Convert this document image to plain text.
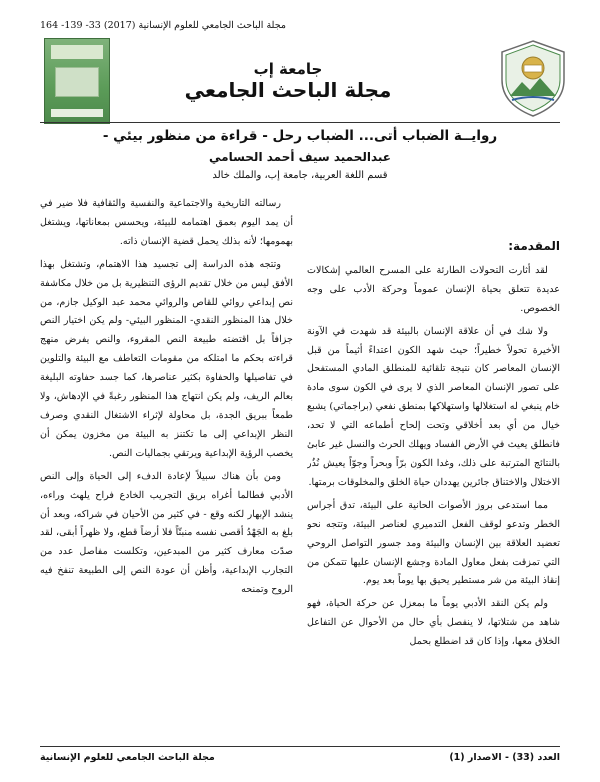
مجلة الباحث الجامعي للعلوم الإنسانية (2017) 33- 139- 164
جامعة إب
مجلة الباحث الجامعي
روايــة الضباب أتى... الضباب رحل - قراءة من منظور بيئي -
عبدالحميد سيف أحمد الحسامي
قسم اللغة العربية، جامعة إب، والملك خالد
المقدمة:

لقد أثارت التحولات الطارئة على المسرح العالمي إشكالات عديدة تتعلق بحياة الإنسان عموماً وحركة الأدب على وجه الخصوص.

ولا شك في أن علاقة الإنسان بالبيئة قد شهدت في الآونة الأخيرة تحولاً خطيراً؛ حيث شهد الكون اعتداءً أثيماً من قبل الإنسان المعاصر كان نتيجة تلقائية للمنطلق المادي المستفحل على تصور الإنسان المعاصر الذي لا يرى في الكون سوى مادة خام ينبغي له استغلالها واستهلاكها بمنطق نفعي (براجماتي) يشبع خيال من أي بعد أخلاقي وتحت إلحاح أطماعه التي لا تحد، فانطلق يعيث في الأرض الفساد ويهلك الحرث والنسل غير عابئ بالنتائج المترتبة على ذلك، وغدا الكون برّاً وبحراً وجوّاً يعيش نُذُر الاختلال والاختناق جائرين يهددان حياة الخلق والمخلوقات برمتها.

مما استدعى بروز الأصوات الحانية على البيئة، تدق أجراس الخطر وتدعو لوقف الفعل التدميري لعناصر البيئة، وتتجه نحو تعضيد العلاقة بين الإنسان والبيئة ومد جسور التواصل الروحي التي تمزقت بفعل معاول المادة وجشع الإنسان عليها تتمكن من إنقاذ البيئة من شر مستطير يحيق بها يوماً بعد يوم.

ولم يكن النقد الأدبي يوماً ما بمعزل عن حركة الحياة، فهو شاهد من شتلاتها، لا ينفصل بأي حال من الأحوال عن التفاعل الخلاق معها، وإذا كان قد اضطلع بحمل

رسالته التاريخية والاجتماعية والنفسية والثقافية فلا ضير في أن يمد اليوم بعمق اهتمامه للبيئة، ويحسس بمعاناتها، ويشتغل بهمومها؛ لأنه بذلك يحمل قضية الإنسان ذاته.

وتتجه هذه الدراسة إلى تجسيد هذا الاهتمام، وتشتغل بهذا الأفق ليس من خلال تقديم الرؤى التنظيرية بل من خلال مكاشفة نص إبداعي روائي للقاص والروائي محمد عبد الوكيل جازم، من خلال هذا المنظور النقدي- المنظور البيئي- ولم يكن اختيار النص جزافاً بل اقتضته طبيعة النص المقروء، والنص يفرض منهج قراءته بحكم ما امتلكه من مقومات التعاطف مع البيئة والتلوين في تفاصيلها والحفاوة بكثير عناصرها، كما جسد حفاوته البليغة بعالم الريف، ولم يكن انتهاج هذا المنظور رغبةً في الإدهاش، ولا طمعاً ببريق الجدة، بل محاولة لإثراء الاشتغال النقدي وصرف النظر الإبداعي إلى ما تكتنز به البيئة من مخزون يمكن أن يخصب الرؤية الإبداعية ويرتقي بجماليات النص.

ومن بأن هناك سبيلاً لإعادة الدفء إلى الحياة وإلى النص الأدبي فطالما أغراه بريق التجريب الخادع فراح يلهث وراءه، ينشد الإبهار لكنه وقع - في كثير من الأحيان في شراكه، وبعد أن بلغ به الجَهْدُ أقصى نفسه منبتّاً فلا أرضاً قطع، ولا ظهراً أبقى، لقد صدّت معارف كثير من المبدعين، وتكلست مفاصل عدد من التجارب الإبداعية، وأظن أن عودة النص إلى الطبيعة تنفخ فيه الروح وتمنحه

العدد (33) - الاصدار (1)
مجلة الباحث الجامعي للعلوم الإنسانية
